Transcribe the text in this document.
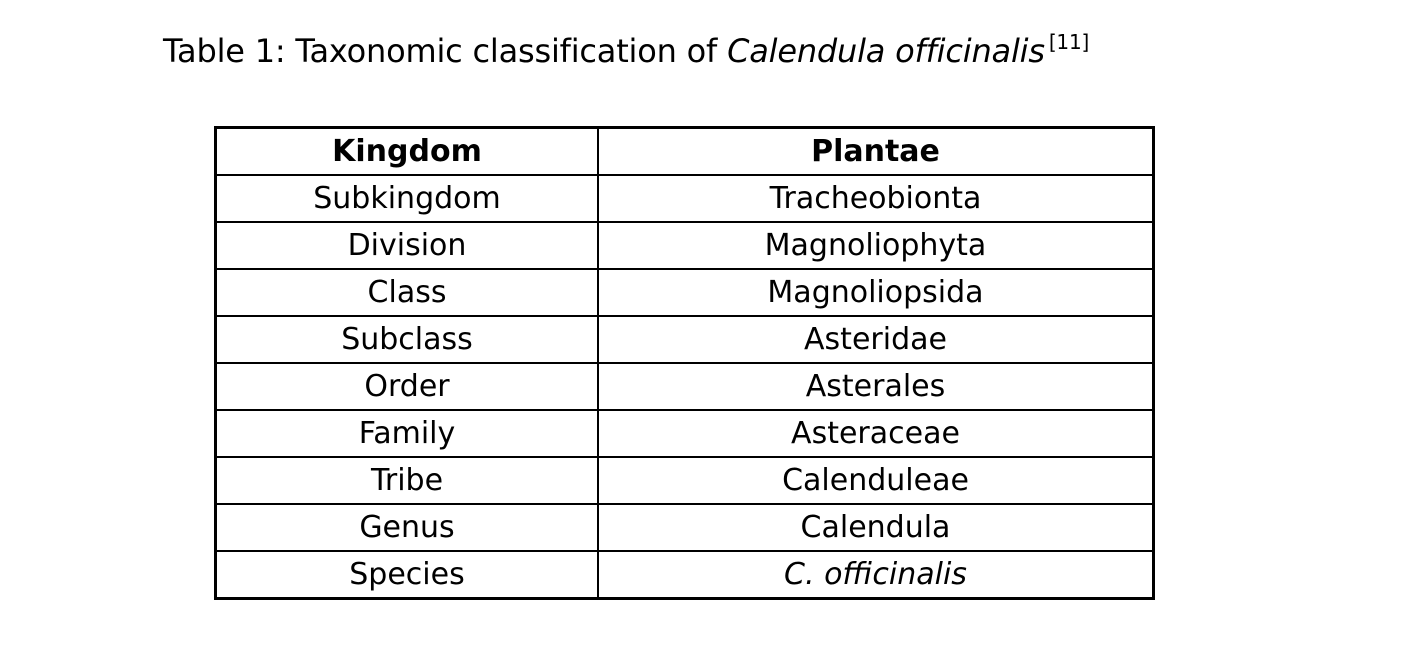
Table 1: Taxonomic classification of Calendula officinalis [11]
Kingdom	Plantae
Subkingdom	Tracheobionta
Division	Magnoliophyta
Class	Magnoliopsida
Subclass	Asteridae
Order	Asterales
Family	Asteraceae
Tribe	Calenduleae
Genus	Calendula
Species	C. officinalis
